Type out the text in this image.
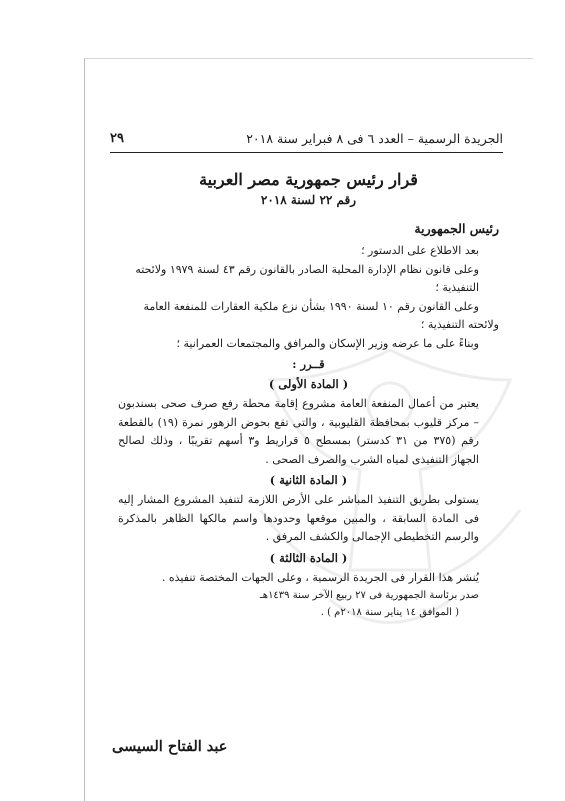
الجريدة الرسمية – العدد ٦ فى ٨ فبراير سنة ٢٠١٨
٢٩

قرار رئيس جمهورية مصر العربية

رقم ٢٢ لسنة ٢٠١٨

رئيس الجمهورية

بعد الاطلاع على الدستور ؛

وعلى قانون نظام الإدارة المحلية الصادر بالقانون رقم ٤٣ لسنة ١٩٧٩ ولائحته التنفيذية ؛

وعلى القانون رقم ١٠ لسنة ١٩٩٠ بشأن نزع ملكية العقارات للمنفعة العامة

ولائحته التنفيذية ؛

وبناءً على ما عرضه وزير الإسكان والمرافق والمجتمعات العمرانية ؛

قــرر :

( المادة الأولى )

يعتبر من أعمال المنفعة العامة مشروع إقامة محطة رفع صرف صحى بسندبون – مركز قليوب بمحافظة القليوبية ، والتى تقع بحوض الزهور نمرة (١٩) بالقطعة رقم (٣٧٥ من ٣١ كدستر) بمسطح ٥ قراريط و٣ أسهم تقريبًا ، وذلك لصالح الجهاز التنفيذى لمياه الشرب والصرف الصحى .

( المادة الثانية )

يستولى بطريق التنفيذ المباشر على الأرض اللازمة لتنفيذ المشروع المشار إليه فى المادة السابقة ، والمبين موقعها وحدودها واسم مالكها الظاهر بالمذكرة والرسم التخطيطى الإجمالى والكشف المرفق .

( المادة الثالثة )

يُنشر هذا القرار فى الجريدة الرسمية ، وعلى الجهات المختصة تنفيذه .

صدر برئاسة الجمهورية فى ٢٧ ربيع الآخر سنة ١٤٣٩هـ

( الموافق ١٤ يناير سنة ٢٠١٨م ) .

عبد الفتاح السيسى
